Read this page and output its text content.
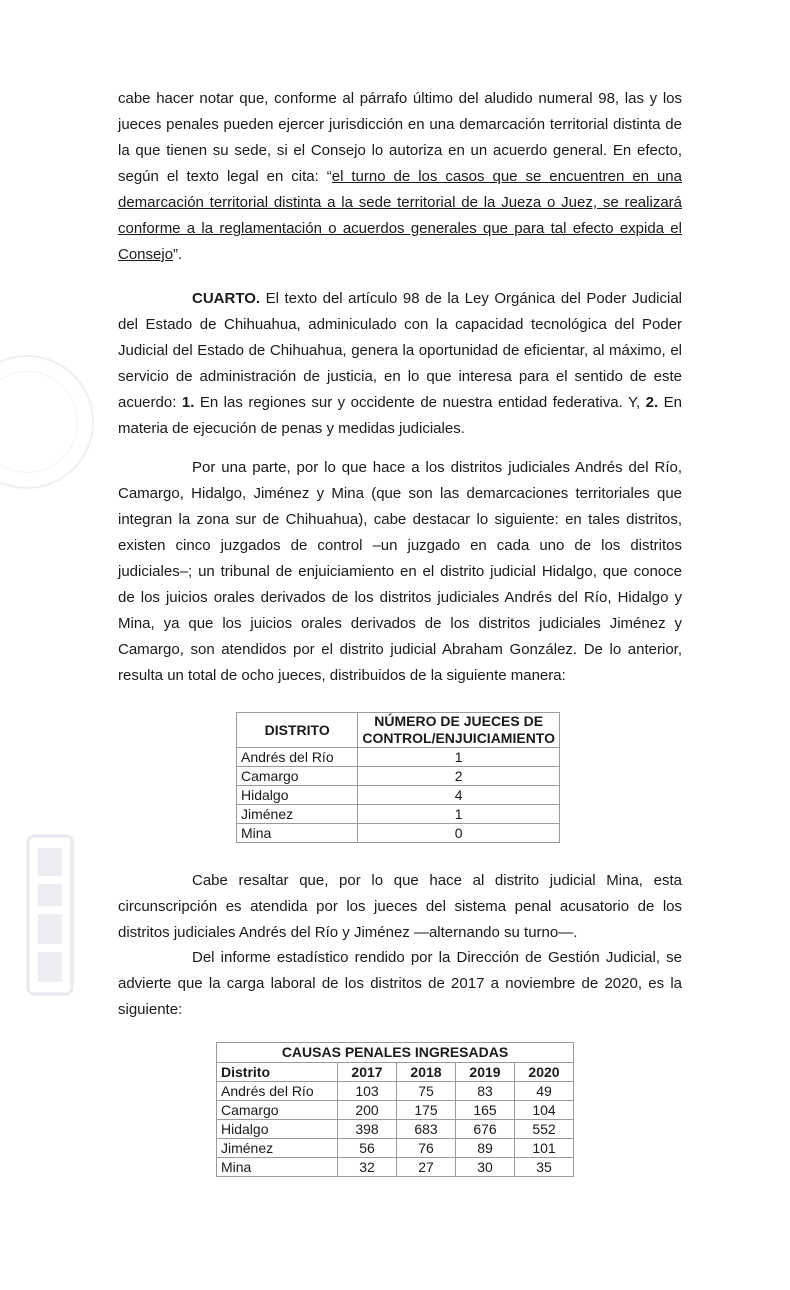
cabe hacer notar que, conforme al párrafo último del aludido numeral 98, las y los jueces penales pueden ejercer jurisdicción en una demarcación territorial distinta de la que tienen su sede, si el Consejo lo autoriza en un acuerdo general. En efecto, según el texto legal en cita: “el turno de los casos que se encuentren en una demarcación territorial distinta a la sede territorial de la Jueza o Juez, se realizará conforme a la reglamentación o acuerdos generales que para tal efecto expida el Consejo”.
CUARTO. El texto del artículo 98 de la Ley Orgánica del Poder Judicial del Estado de Chihuahua, adminiculado con la capacidad tecnológica del Poder Judicial del Estado de Chihuahua, genera la oportunidad de eficientar, al máximo, el servicio de administración de justicia, en lo que interesa para el sentido de este acuerdo: 1. En las regiones sur y occidente de nuestra entidad federativa. Y, 2. En materia de ejecución de penas y medidas judiciales.
Por una parte, por lo que hace a los distritos judiciales Andrés del Río, Camargo, Hidalgo, Jiménez y Mina (que son las demarcaciones territoriales que integran la zona sur de Chihuahua), cabe destacar lo siguiente: en tales distritos, existen cinco juzgados de control –un juzgado en cada uno de los distritos judiciales–; un tribunal de enjuiciamiento en el distrito judicial Hidalgo, que conoce de los juicios orales derivados de los distritos judiciales Andrés del Río, Hidalgo y Mina, ya que los juicios orales derivados de los distritos judiciales Jiménez y Camargo, son atendidos por el distrito judicial Abraham González. De lo anterior, resulta un total de ocho jueces, distribuidos de la siguiente manera:
DISTRITO	NÚMERO DE JUECES DE
CONTROL/ENJUICIAMIENTO
Andrés del Río	1
Camargo	2
Hidalgo	4
Jiménez	1
Mina	0
Cabe resaltar que, por lo que hace al distrito judicial Mina, esta circunscripción es atendida por los jueces del sistema penal acusatorio de los distritos judiciales Andrés del Río y Jiménez —alternando su turno—.
Del informe estadístico rendido por la Dirección de Gestión Judicial, se advierte que la carga laboral de los distritos de 2017 a noviembre de 2020, es la siguiente:
CAUSAS PENALES INGRESADAS				
Distrito	2017	2018	2019	2020
Andrés del Río	103	75	83	49
Camargo	200	175	165	104
Hidalgo	398	683	676	552
Jiménez	56	76	89	101
Mina	32	27	30	35
